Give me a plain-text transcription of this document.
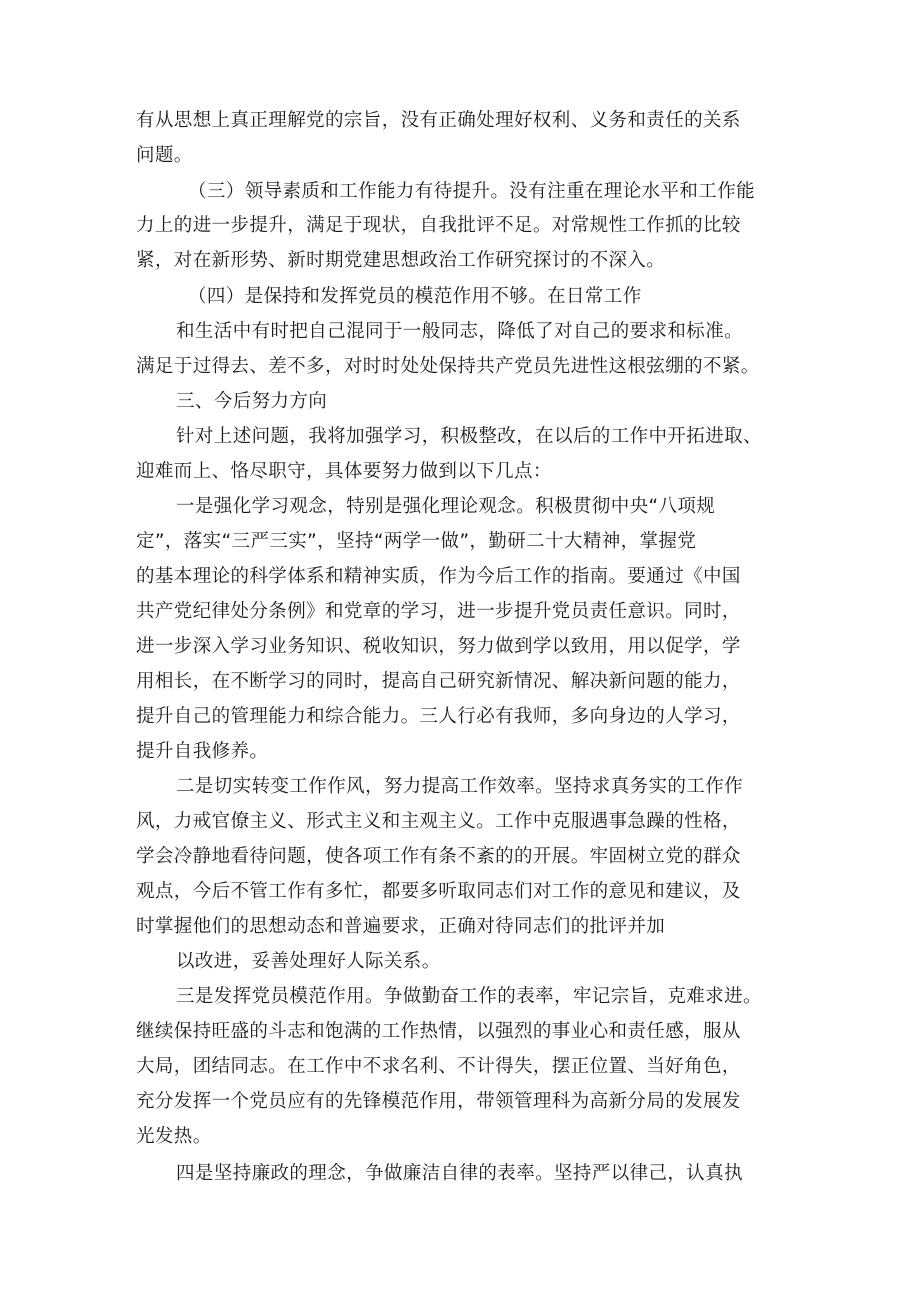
有从思想上真正理解党的宗旨，没有正确处理好权利、义务和责任的关系
问题。
（三）领导素质和工作能力有待提升。没有注重在理论水平和工作能
力上的进一步提升，满足于现状，自我批评不足。对常规性工作抓的比较
紧，对在新形势、新时期党建思想政治工作研究探讨的不深入。
（四）是保持和发挥党员的模范作用不够。在日常工作
和生活中有时把自己混同于一般同志，降低了对自己的要求和标准。
满足于过得去、差不多，对时时处处保持共产党员先进性这根弦绷的不紧。
三、今后努力方向
针对上述问题，我将加强学习，积极整改，在以后的工作中开拓进取、
迎难而上、恪尽职守，具体要努力做到以下几点：
一是强化学习观念，特别是强化理论观念。积极贯彻中央“八项规
定”，落实“三严三实”，坚持“两学一做”，勤研二十大精神，掌握党
的基本理论的科学体系和精神实质，作为今后工作的指南。要通过《中国
共产党纪律处分条例》和党章的学习，进一步提升党员责任意识。同时，
进一步深入学习业务知识、税收知识，努力做到学以致用，用以促学，学
用相长，在不断学习的同时，提高自己研究新情况、解决新问题的能力，
提升自己的管理能力和综合能力。三人行必有我师，多向身边的人学习，
提升自我修养。
二是切实转变工作作风，努力提高工作效率。坚持求真务实的工作作
风，力戒官僚主义、形式主义和主观主义。工作中克服遇事急躁的性格，
学会冷静地看待问题，使各项工作有条不紊的的开展。牢固树立党的群众
观点，今后不管工作有多忙，都要多听取同志们对工作的意见和建议，及
时掌握他们的思想动态和普遍要求，正确对待同志们的批评并加
以改进，妥善处理好人际关系。
三是发挥党员模范作用。争做勤奋工作的表率，牢记宗旨，克难求进。
继续保持旺盛的斗志和饱满的工作热情，以强烈的事业心和责任感，服从
大局，团结同志。在工作中不求名利、不计得失，摆正位置、当好角色，
充分发挥一个党员应有的先锋模范作用，带领管理科为高新分局的发展发
光发热。
四是坚持廉政的理念，争做廉洁自律的表率。坚持严以律己，认真执
